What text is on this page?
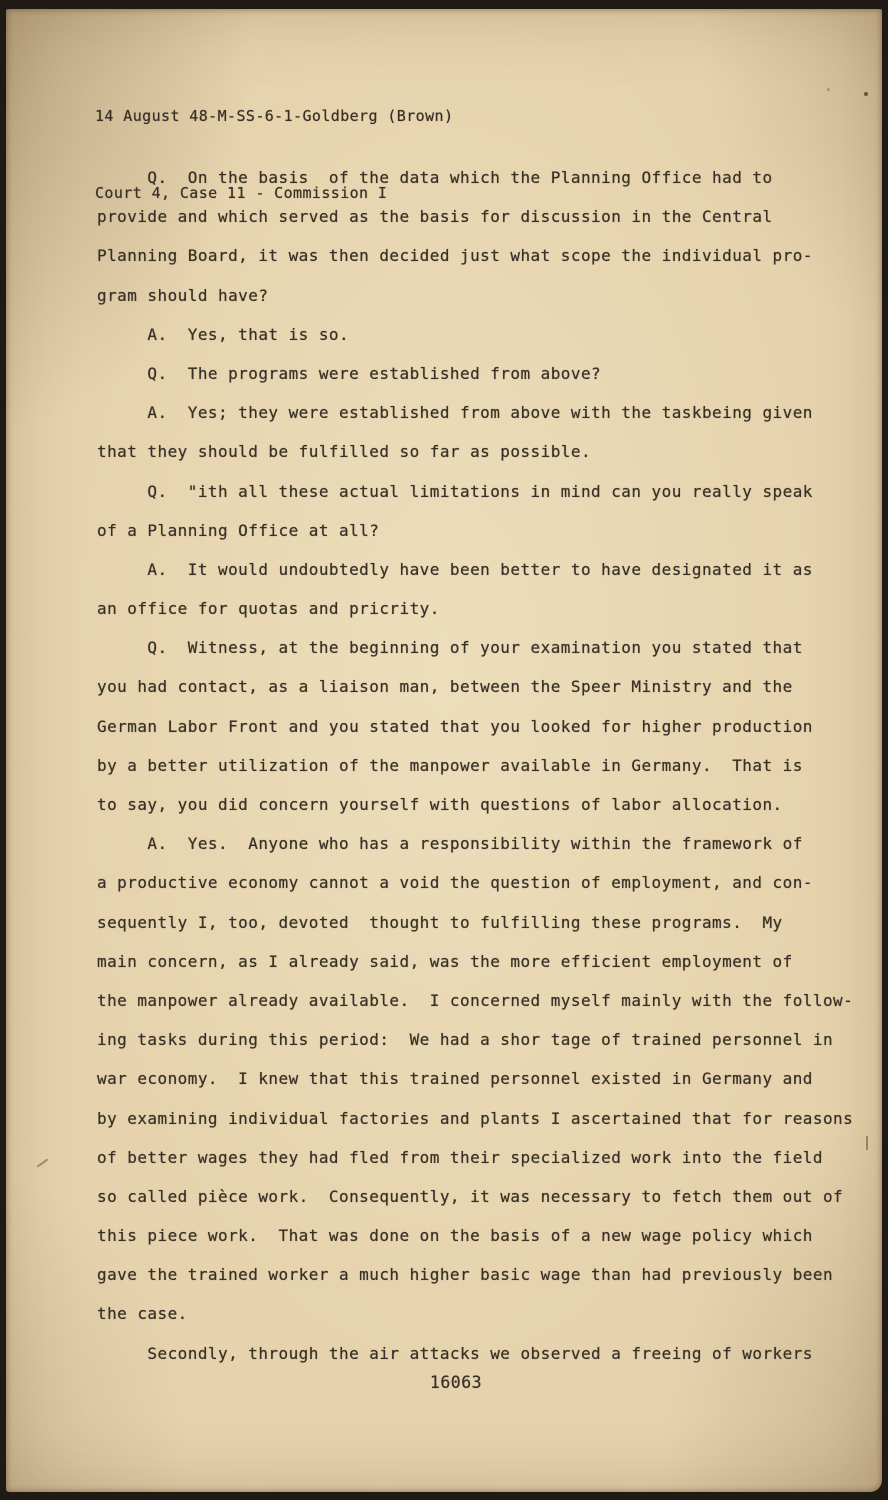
14 August 48-M-SS-6-1-Goldberg (Brown)

Court 4, Case 11 - Commission I

Q.  On the basis  of the data which the Planning Office had to
provide and which served as the basis for discussion in the Central
Planning Board, it was then decided just what scope the individual pro-
gram should have?
A.  Yes, that is so.
Q.  The programs were established from above?
A.  Yes; they were established from above with the taskbeing given
that they should be fulfilled so far as possible.
Q.  "ith all these actual limitations in mind can you really speak
of a Planning Office at all?
A.  It would undoubtedly have been better to have designated it as
an office for quotas and pricrity.
Q.  Witness, at the beginning of your examination you stated that
you had contact, as a liaison man, between the Speer Ministry and the
German Labor Front and you stated that you looked for higher production
by a better utilization of the manpower available in Germany.  That is
to say, you did concern yourself with questions of labor allocation.
A.  Yes.  Anyone who has a responsibility within the framework of
a productive economy cannot a void the question of employment, and con-
sequently I, too, devoted  thought to fulfilling these programs.  My
main concern, as I already said, was the more efficient employment of
the manpower already available.  I concerned myself mainly with the follow-
ing tasks during this period:  We had a shor tage of trained personnel in
war economy.  I knew that this trained personnel existed in Germany and
by examining individual factories and plants I ascertained that for reasons
of better wages they had fled from their specialized work into the field
so called pièce work.  Consequently, it was necessary to fetch them out of
this piece work.  That was done on the basis of a new wage policy which
gave the trained worker a much higher basic wage than had previously been
the case.
Secondly, through the air attacks we observed a freeing of workers
16063
